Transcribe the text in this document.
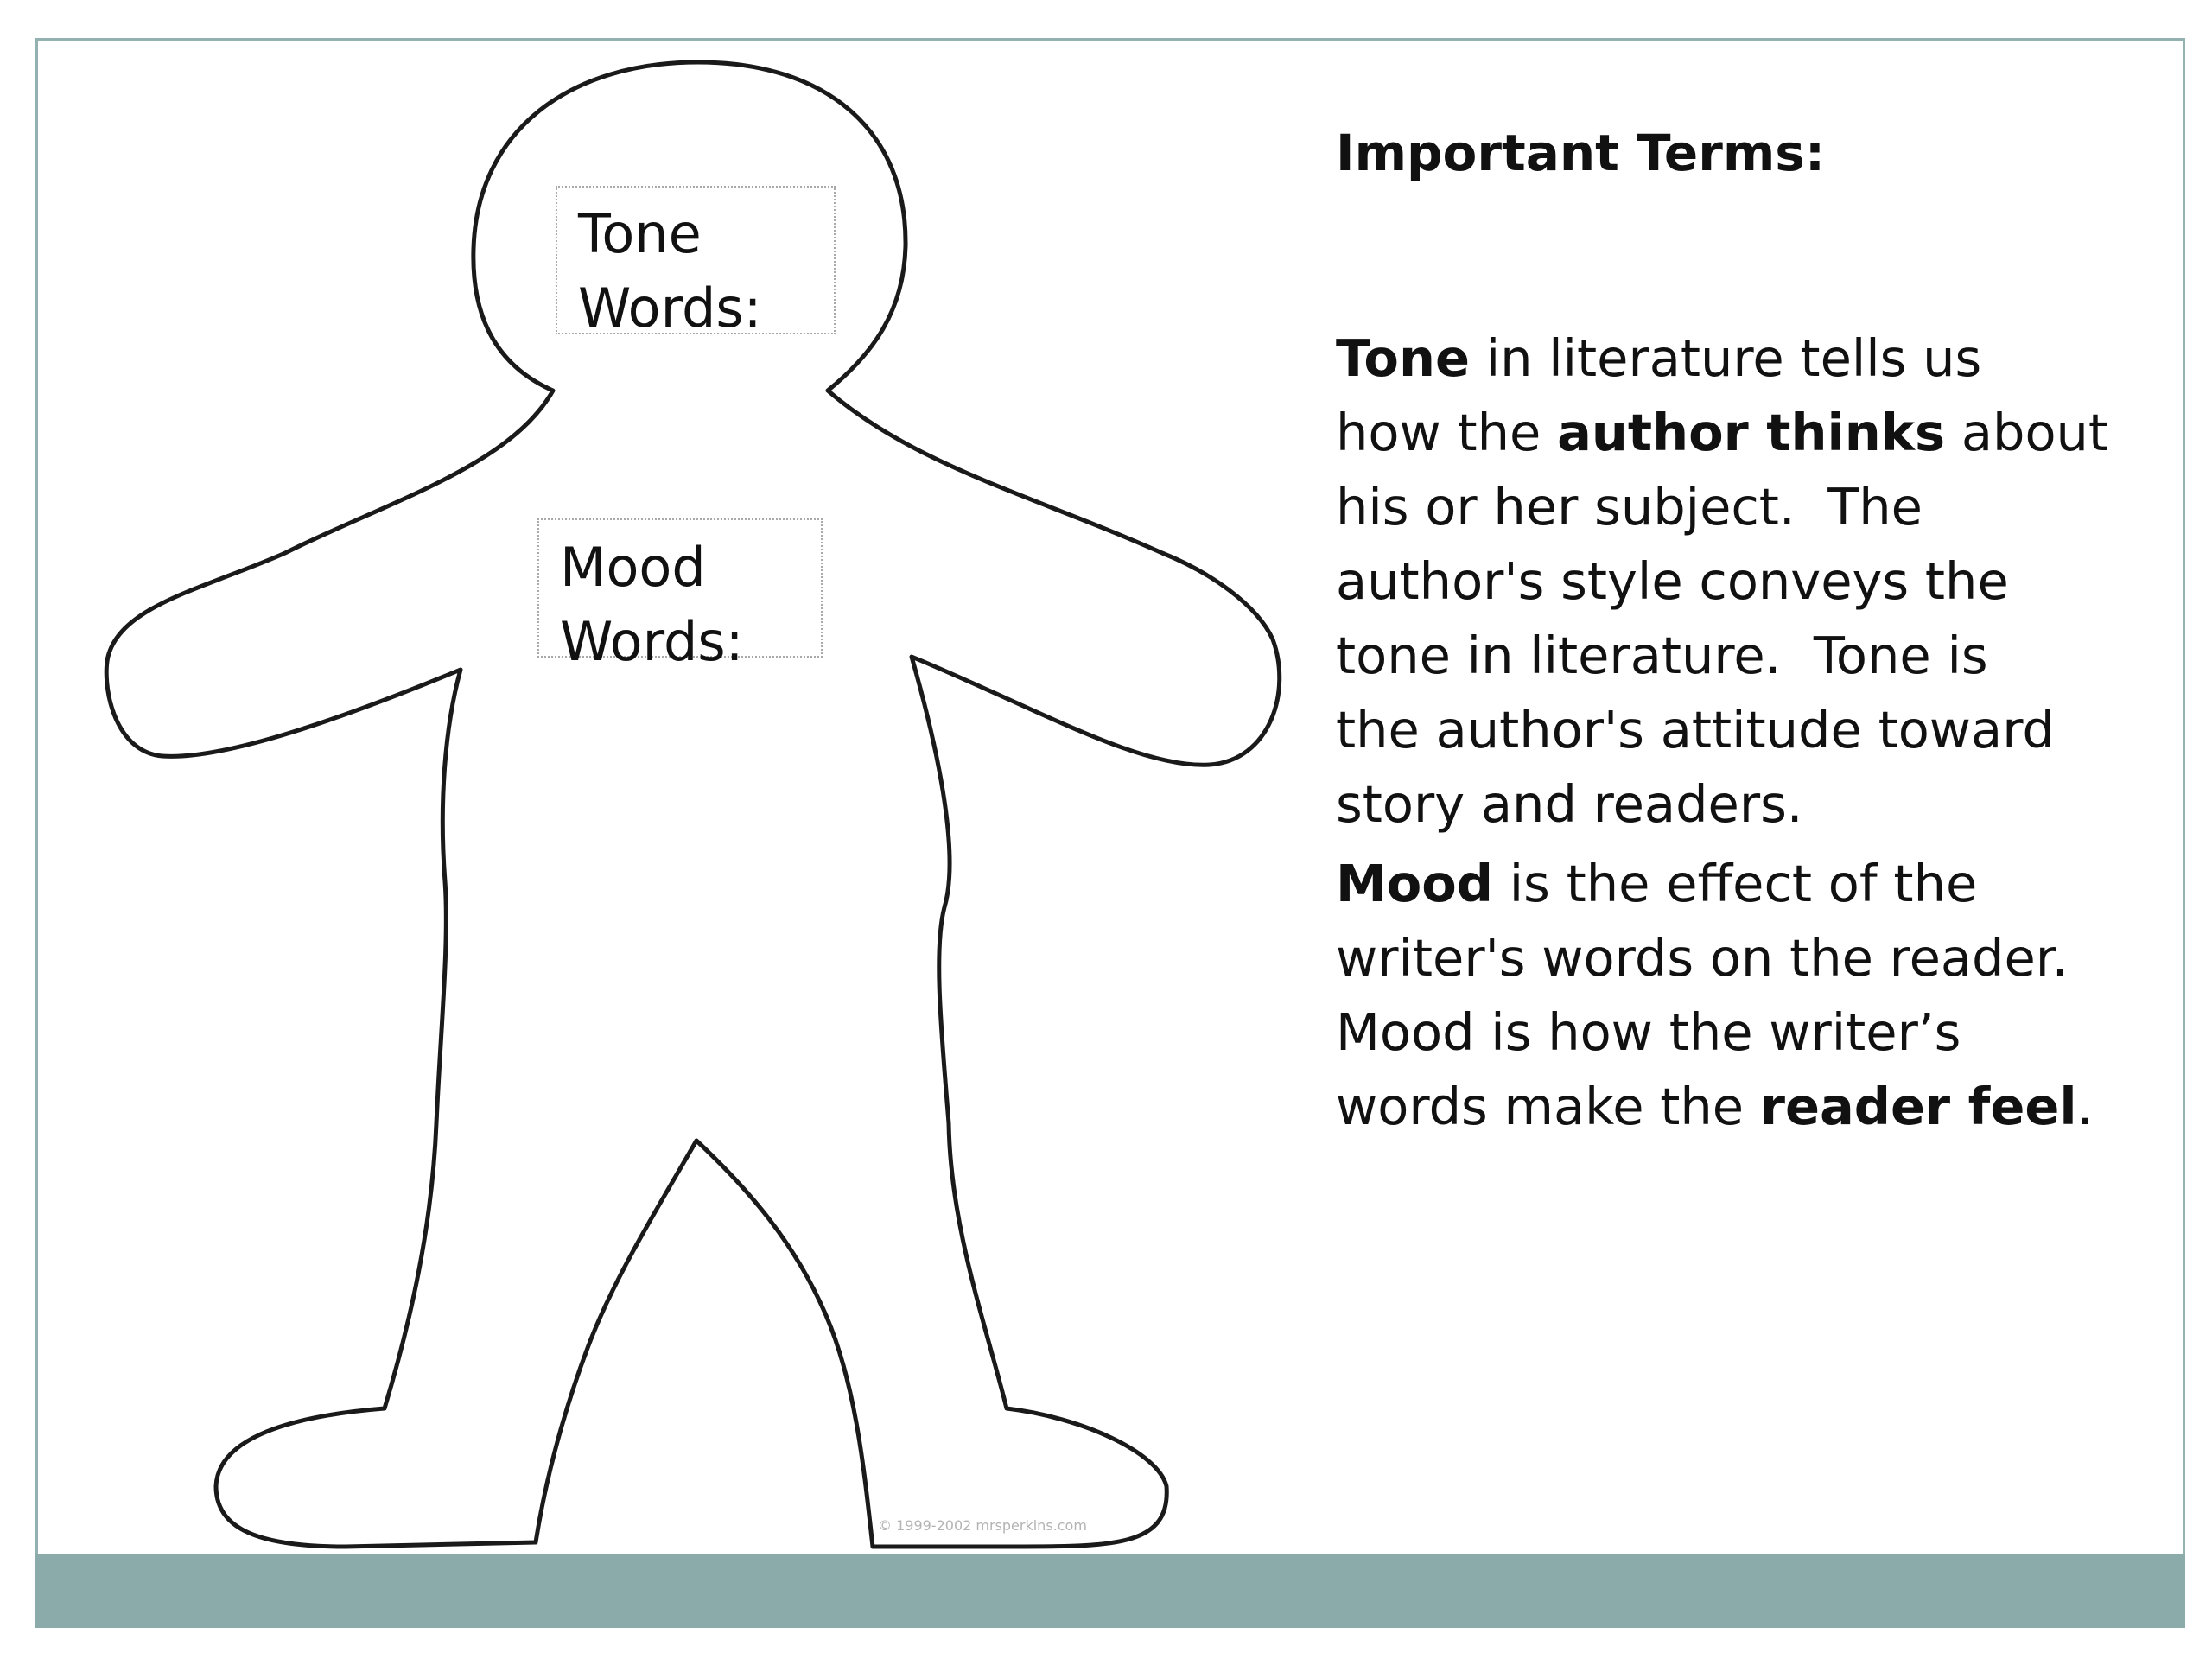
Tone
Words:
Mood
Words:
© 1999-2002 mrsperkins.com

Important Terms:

Tone in literature tells us
how the author thinks about
his or her subject.  The
author's style conveys the
tone in literature.  Tone is
the author's attitude toward
story and readers.

Mood is the effect of the
writer's words on the reader.
Mood is how the writer’s
words make the reader feel.
